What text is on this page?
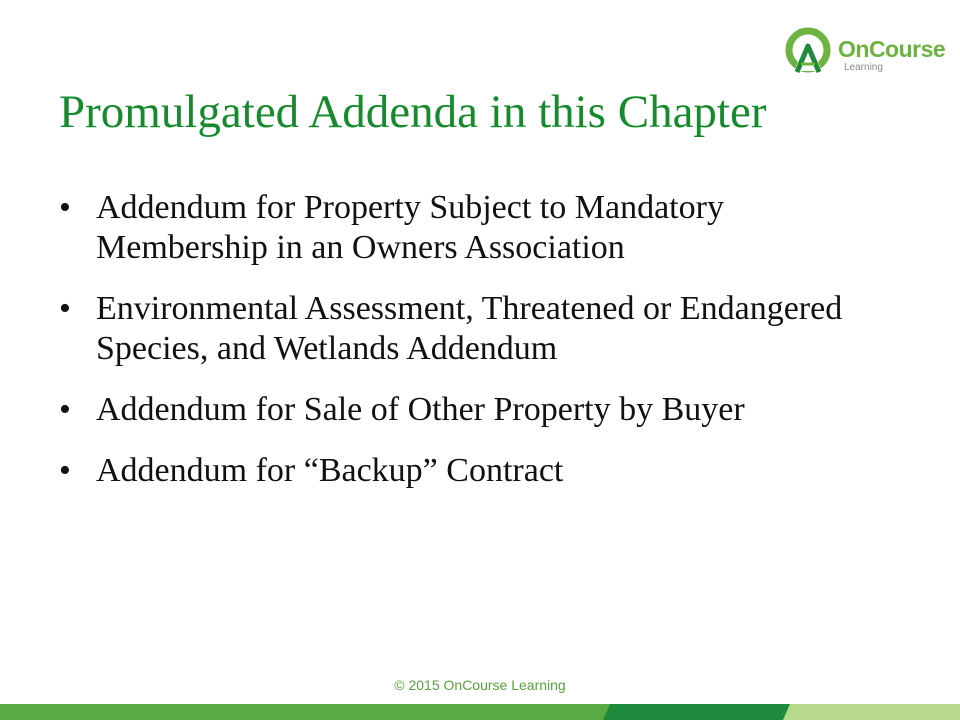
OnCourse
Learning
Promulgated Addenda in this Chapter
• Addendum for Property Subject to Mandatory Membership in an Owners Association
• Environmental Assessment, Threatened or Endangered Species, and Wetlands Addendum
• Addendum for Sale of Other Property by Buyer
• Addendum for “Backup” Contract
© 2015 OnCourse Learning
